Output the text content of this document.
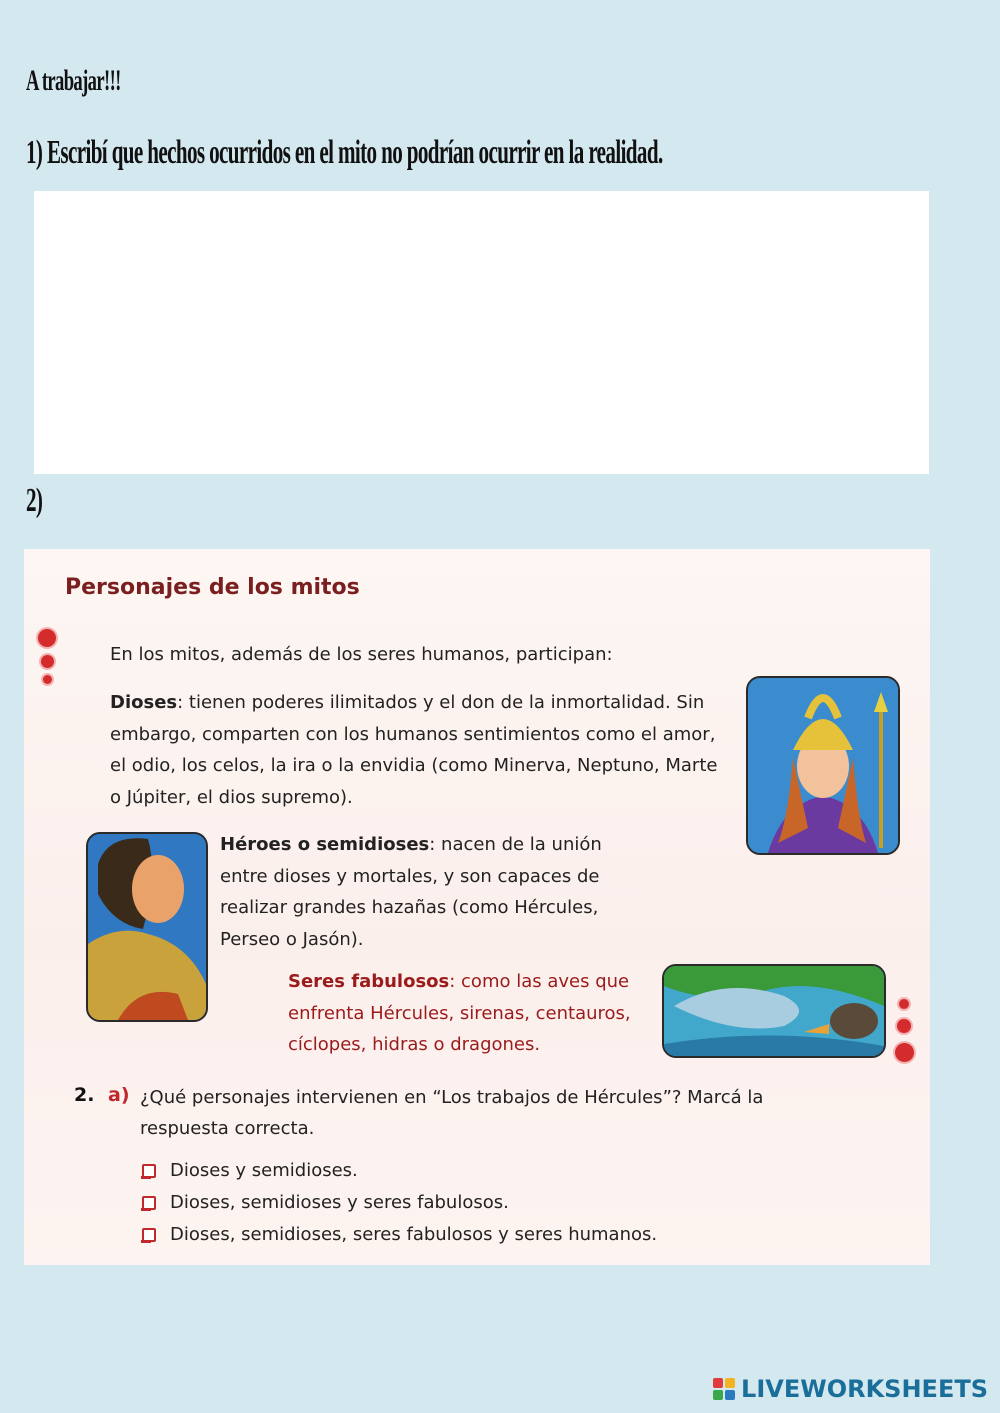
A trabajar!!!
1) Escribí que hechos ocurridos en el mito no podrían ocurrir en la realidad.
2)
Personajes de los mitos

En los mitos, además de los seres humanos, participan:

Dioses: tienen poderes ilimitados y el don de la inmortalidad. Sin embargo, comparten con los humanos sentimientos como el amor, el odio, los celos, la ira o la envidia (como Minerva, Neptuno, Marte o Júpiter, el dios supremo).

Héroes o semidioses: nacen de la unión entre dioses y mortales, y son capaces de realizar grandes hazañas (como Hércules, Perseo o Jasón).

Seres fabulosos: como las aves que enfrenta Hércules, sirenas, centauros, cíclopes, hidras o dragones.

2. a) ¿Qué personajes intervienen en “Los trabajos de Hércules”? Marcá la respuesta correcta.

Dioses y semidioses.
Dioses, semidioses y seres fabulosos.
Dioses, semidioses, seres fabulosos y seres humanos.
LIVEWORKSHEETS
